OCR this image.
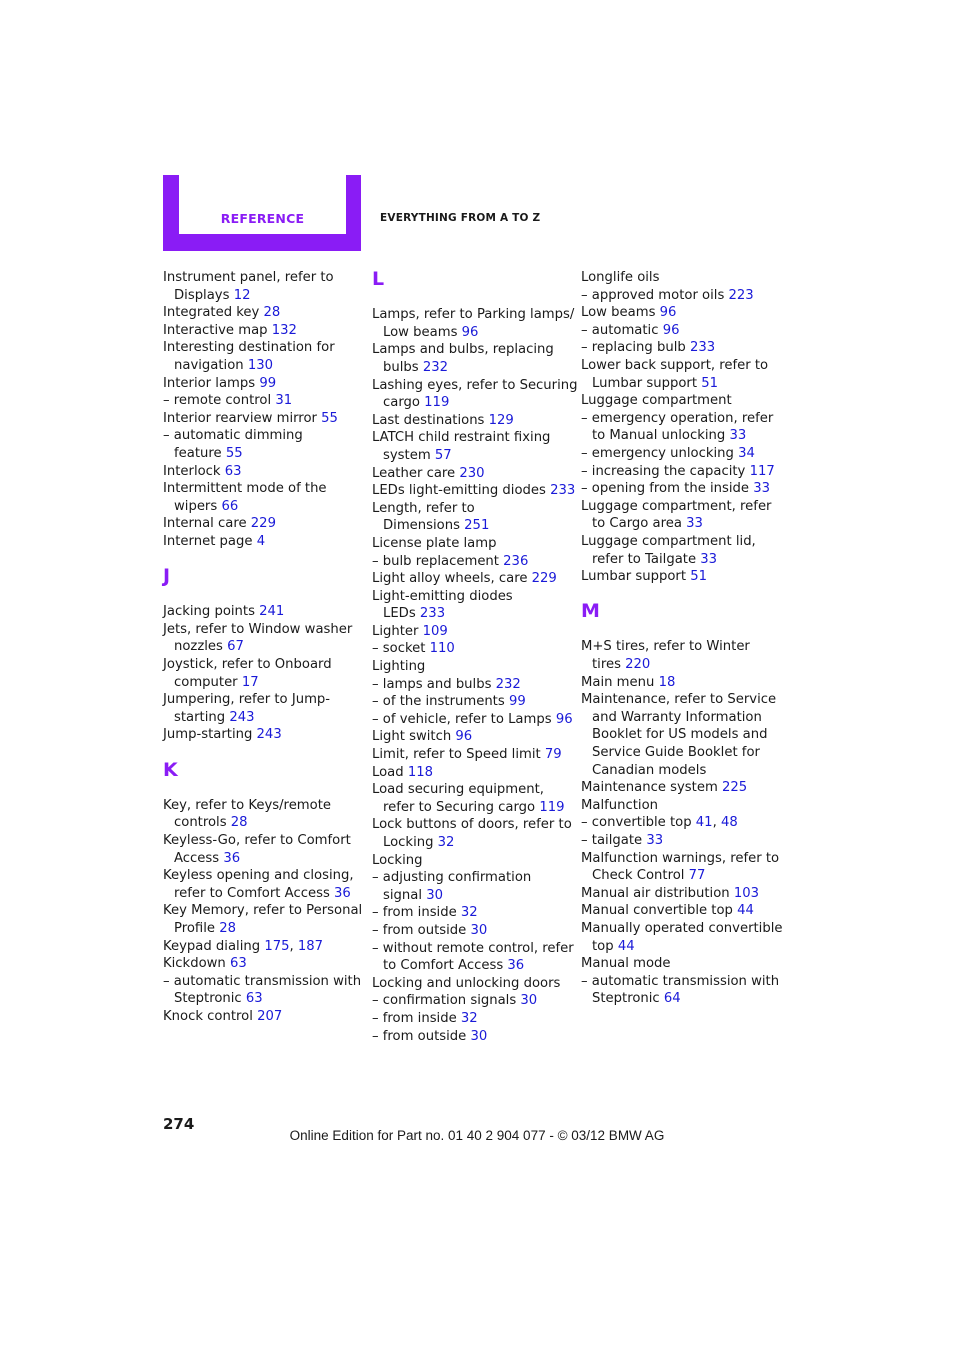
REFERENCE	EVERYTHING FROM A TO Z
Instrument panel, refer to
Displays 12
Integrated key 28
Interactive map 132
Interesting destination for
navigation 130
Interior lamps 99
– remote control 31
Interior rearview mirror 55
– automatic dimming
feature 55
Interlock 63
Intermittent mode of the
wipers 66
Internal care 229
Internet page 4
J
Jacking points 241
Jets, refer to Window washer
nozzles 67
Joystick, refer to Onboard
computer 17
Jumpering, refer to Jump-
starting 243
Jump-starting 243
K
Key, refer to Keys/remote
controls 28
Keyless-Go, refer to Comfort
Access 36
Keyless opening and closing,
refer to Comfort Access 36
Key Memory, refer to Personal
Profile 28
Keypad dialing 175, 187
Kickdown 63
– automatic transmission with
Steptronic 63
Knock control 207
L
Lamps, refer to Parking lamps/
Low beams 96
Lamps and bulbs, replacing
bulbs 232
Lashing eyes, refer to Securing
cargo 119
Last destinations 129
LATCH child restraint fixing
system 57
Leather care 230
LEDs light-emitting diodes 233
Length, refer to
Dimensions 251
License plate lamp
– bulb replacement 236
Light alloy wheels, care 229
Light-emitting diodes
LEDs 233
Lighter 109
– socket 110
Lighting
– lamps and bulbs 232
– of the instruments 99
– of vehicle, refer to Lamps 96
Light switch 96
Limit, refer to Speed limit 79
Load 118
Load securing equipment,
refer to Securing cargo 119
Lock buttons of doors, refer to
Locking 32
Locking
– adjusting confirmation
signal 30
– from inside 32
– from outside 30
– without remote control, refer
to Comfort Access 36
Locking and unlocking doors
– confirmation signals 30
– from inside 32
– from outside 30
Longlife oils
– approved motor oils 223
Low beams 96
– automatic 96
– replacing bulb 233
Lower back support, refer to
Lumbar support 51
Luggage compartment
– emergency operation, refer
to Manual unlocking 33
– emergency unlocking 34
– increasing the capacity 117
– opening from the inside 33
Luggage compartment, refer
to Cargo area 33
Luggage compartment lid,
refer to Tailgate 33
Lumbar support 51
M
M+S tires, refer to Winter
tires 220
Main menu 18
Maintenance, refer to Service
and Warranty Information
Booklet for US models and
Service Guide Booklet for
Canadian models
Maintenance system 225
Malfunction
– convertible top 41, 48
– tailgate 33
Malfunction warnings, refer to
Check Control 77
Manual air distribution 103
Manual convertible top 44
Manually operated convertible
top 44
Manual mode
– automatic transmission with
Steptronic 64
274
Online Edition for Part no. 01 40 2 904 077 - © 03/12 BMW AG
